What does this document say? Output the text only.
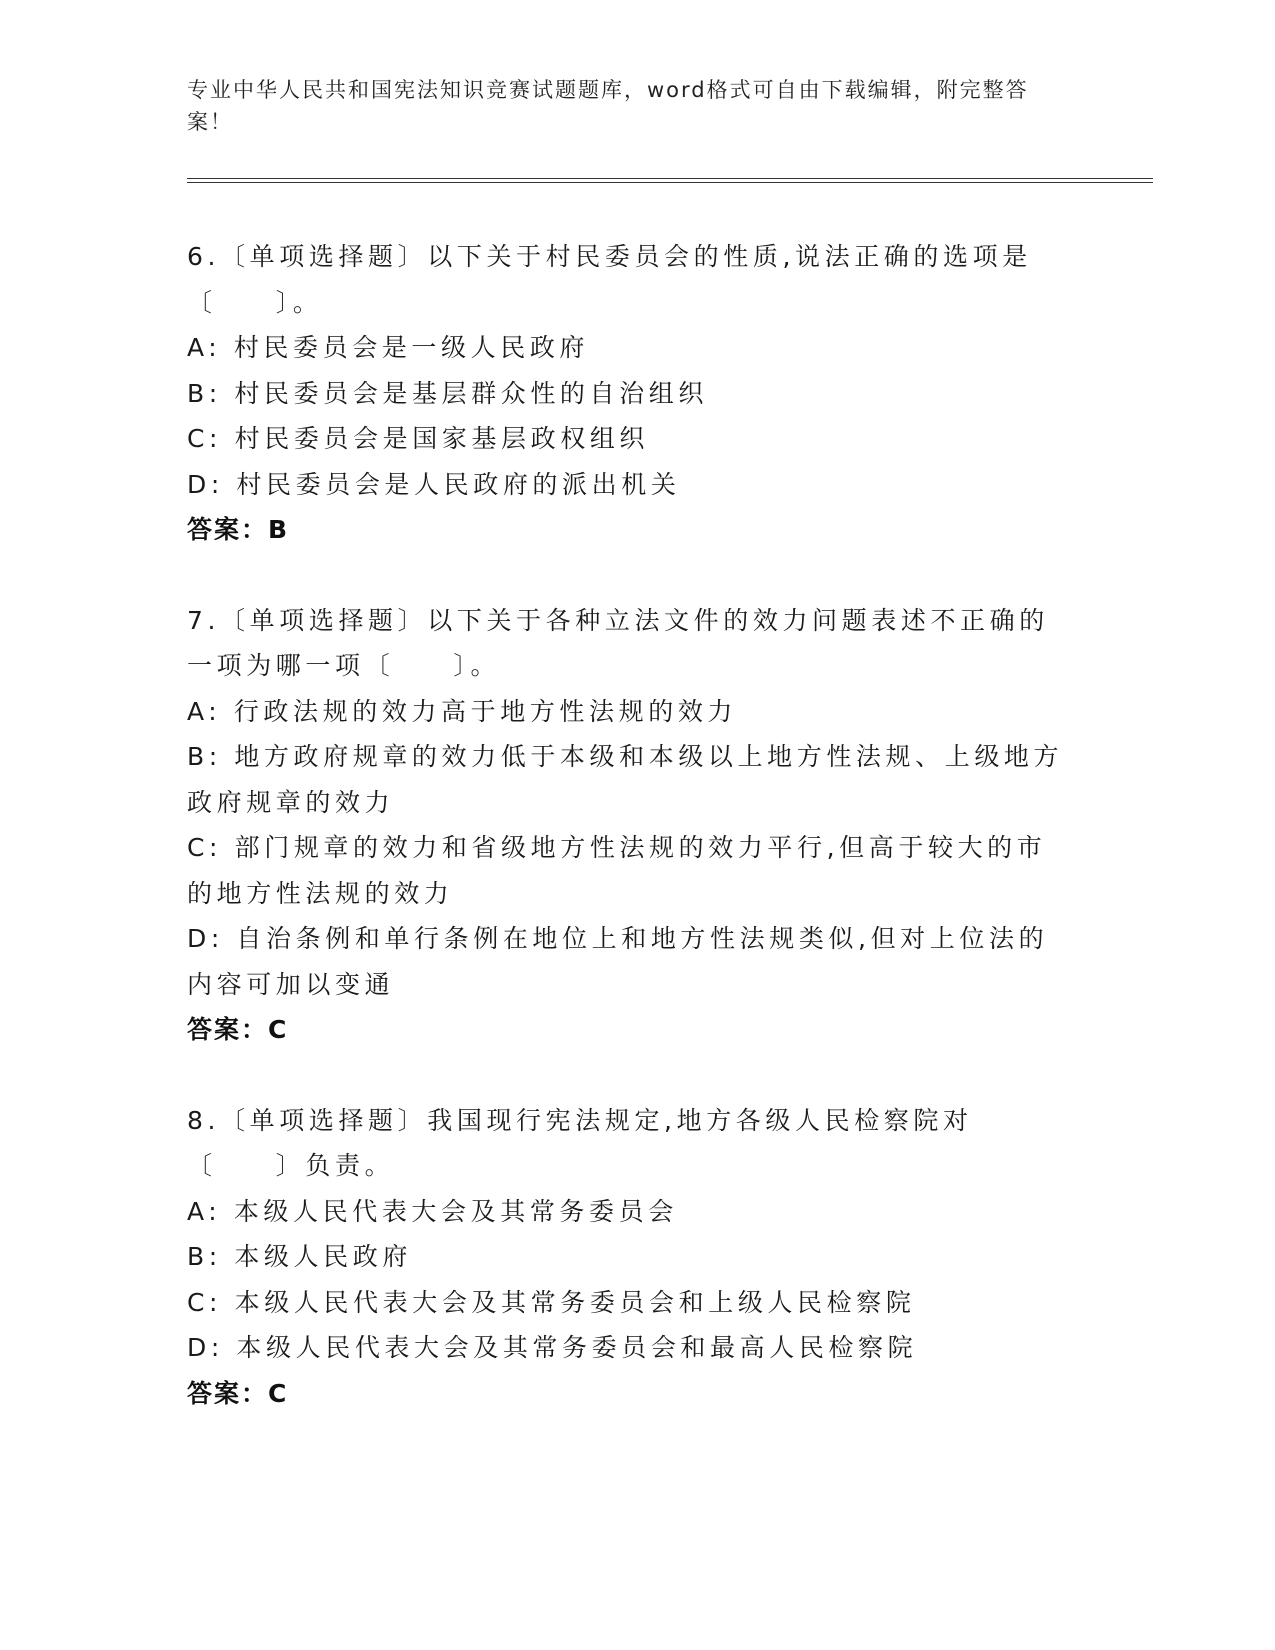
专业中华人民共和国宪法知识竞赛试题题库，word格式可自由下载编辑，附完整答案！

6.〔单项选择题〕以下关于村民委员会的性质,说法正确的选项是〔　　〕。

A: 村民委员会是一级人民政府

B: 村民委员会是基层群众性的自治组织

C: 村民委员会是国家基层政权组织

D: 村民委员会是人民政府的派出机关

答案：B

7.〔单项选择题〕以下关于各种立法文件的效力问题表述不正确的一项为哪一项〔　　〕。

A: 行政法规的效力高于地方性法规的效力

B: 地方政府规章的效力低于本级和本级以上地方性法规、上级地方政府规章的效力

C: 部门规章的效力和省级地方性法规的效力平行,但高于较大的市的地方性法规的效力

D: 自治条例和单行条例在地位上和地方性法规类似,但对上位法的内容可加以变通

答案：C

8.〔单项选择题〕我国现行宪法规定,地方各级人民检察院对〔　　〕负责。

A: 本级人民代表大会及其常务委员会

B: 本级人民政府

C: 本级人民代表大会及其常务委员会和上级人民检察院

D: 本级人民代表大会及其常务委员会和最高人民检察院

答案：C
